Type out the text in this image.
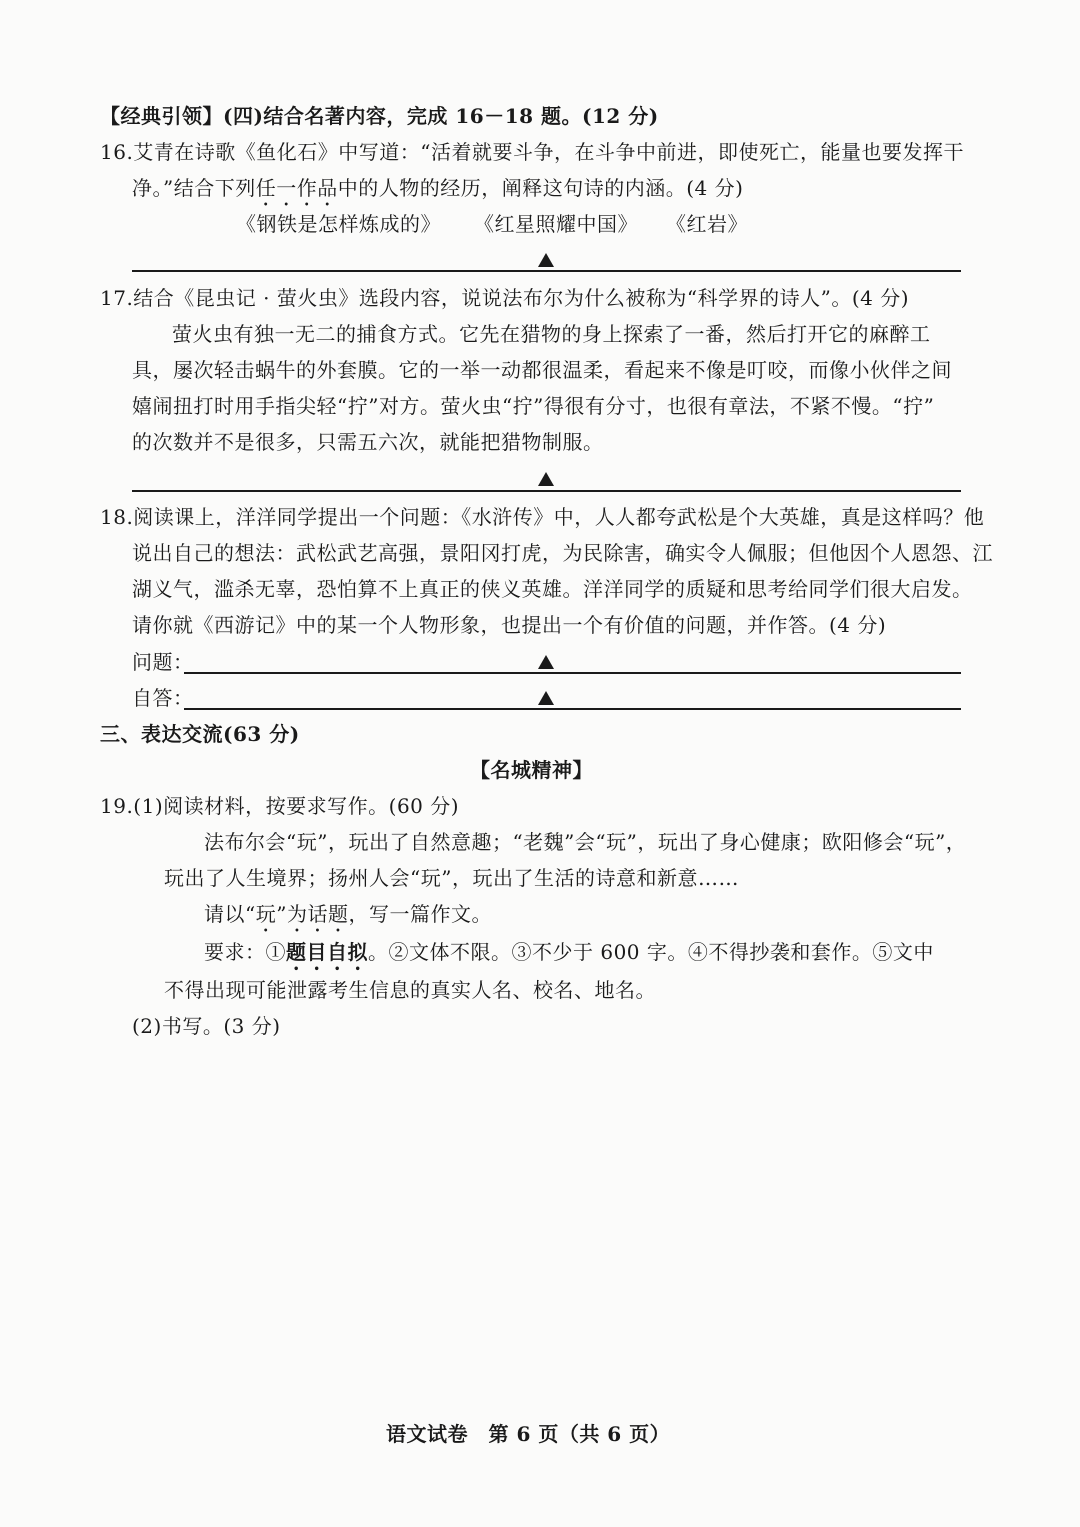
【经典引领】(四)结合名著内容，完成 16－18 题。(12 分)
16.艾青在诗歌《鱼化石》中写道：“活着就要斗争，在斗争中前进，即使死亡，能量也要发挥干
净。”结合下列任一作品中的人物的经历，阐释这句诗的内涵。(4 分)
《钢铁是怎样炼成的》 《红星照耀中国》 《红岩》
17.结合《昆虫记 · 萤火虫》选段内容，说说法布尔为什么被称为“科学界的诗人”。(4 分)
萤火虫有独一无二的捕食方式。它先在猎物的身上探索了一番，然后打开它的麻醉工
具，屡次轻击蜗牛的外套膜。它的一举一动都很温柔，看起来不像是叮咬，而像小伙伴之间
嬉闹扭打时用手指尖轻“拧”对方。萤火虫“拧”得很有分寸，也很有章法，不紧不慢。“拧”
的次数并不是很多，只需五六次，就能把猎物制服。
18.阅读课上，洋洋同学提出一个问题：《水浒传》中，人人都夸武松是个大英雄，真是这样吗？他
说出自己的想法：武松武艺高强，景阳冈打虎，为民除害，确实令人佩服；但他因个人恩怨、江
湖义气，滥杀无辜，恐怕算不上真正的侠义英雄。洋洋同学的质疑和思考给同学们很大启发。
请你就《西游记》中的某一个人物形象，也提出一个有价值的问题，并作答。(4 分)
问题：
自答：
三、表达交流(63 分)
【名城精神】
19.(1)阅读材料，按要求写作。(60 分)
法布尔会“玩”，玩出了自然意趣；“老魏”会“玩”，玩出了身心健康；欧阳修会“玩”，
玩出了人生境界；扬州人会“玩”，玩出了生活的诗意和新意……
请以“玩”为话题，写一篇作文。
要求：①题目自拟。②文体不限。③不少于 600 字。④不得抄袭和套作。⑤文中
不得出现可能泄露考生信息的真实人名、校名、地名。
(2)书写。(3 分)
语文试卷　第 6 页（共 6 页）
